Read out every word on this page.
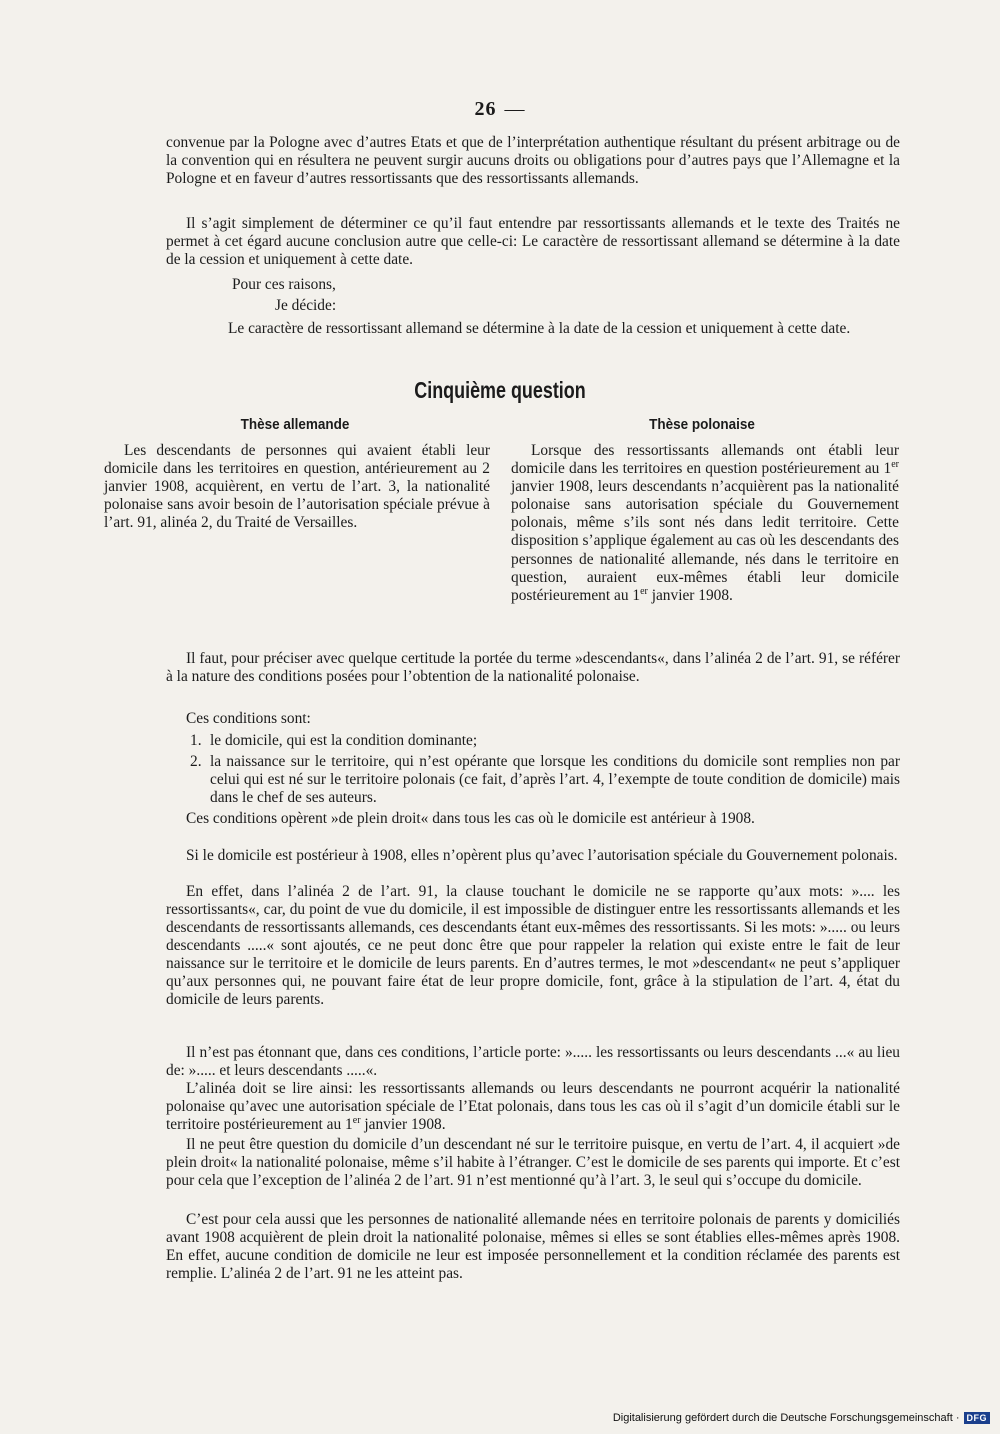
26 —

convenue par la Pologne avec d’autres Etats et que de l’interprétation authentique résultant du présent arbitrage ou de la convention qui en résultera ne peuvent surgir aucuns droits ou obligations pour d’autres pays que l’Allemagne et la Pologne et en faveur d’autres ressortissants que des ressortissants allemands.

Il s’agit simplement de déterminer ce qu’il faut entendre par ressortissants allemands et le texte des Traités ne permet à cet égard aucune conclusion autre que celle-ci: Le caractère de ressortissant allemand se détermine à la date de la cession et uniquement à cette date.

Pour ces raisons,

Je décide:

Le caractère de ressortissant allemand se détermine à la date de la cession et uniquement à cette date.

Cinquième question
Thèse allemande	Thèse polonaise

Les descendants de personnes qui avaient établi leur domicile dans les territoires en question, antérieurement au 2 janvier 1908, acquièrent, en vertu de l’art. 3, la nationalité polonaise sans avoir besoin de l’autorisation spéciale prévue à l’art. 91, alinéa 2, du Traité de Versailles.

Lorsque des ressortissants allemands ont établi leur domicile dans les territoires en question postérieurement au 1er janvier 1908, leurs descendants n’acquièrent pas la nationalité polonaise sans autorisation spéciale du Gouvernement polonais, même s’ils sont nés dans ledit territoire. Cette disposition s’applique également au cas où les descendants des personnes de nationalité allemande, nés dans le territoire en question, auraient eux-mêmes établi leur domicile postérieurement au 1er janvier 1908.

Il faut, pour préciser avec quelque certitude la portée du terme »descendants«, dans l’alinéa 2 de l’art. 91, se référer à la nature des conditions posées pour l’obtention de la nationalité polonaise.

Ces conditions sont:

1. le domicile, qui est la condition dominante;
2. la naissance sur le territoire, qui n’est opérante que lorsque les conditions du domicile sont remplies non par celui qui est né sur le territoire polonais (ce fait, d’après l’art. 4, l’exempte de toute condition de domicile) mais dans le chef de ses auteurs.

Ces conditions opèrent »de plein droit« dans tous les cas où le domicile est antérieur à 1908.

Si le domicile est postérieur à 1908, elles n’opèrent plus qu’avec l’autorisation spéciale du Gouvernement polonais.

En effet, dans l’alinéa 2 de l’art. 91, la clause touchant le domicile ne se rapporte qu’aux mots: ».... les ressortissants«, car, du point de vue du domicile, il est impossible de distinguer entre les ressortissants allemands et les descendants de ressortissants allemands, ces descendants étant eux-mêmes des ressortissants. Si les mots: »..... ou leurs descendants .....« sont ajoutés, ce ne peut donc être que pour rappeler la relation qui existe entre le fait de leur naissance sur le territoire et le domicile de leurs parents. En d’autres termes, le mot »descendant« ne peut s’appliquer qu’aux personnes qui, ne pouvant faire état de leur propre domicile, font, grâce à la stipulation de l’art. 4, état du domicile de leurs parents.

Il n’est pas étonnant que, dans ces conditions, l’article porte: »..... les ressortissants ou leurs descendants ...« au lieu de: »..... et leurs descendants .....«.

L’alinéa doit se lire ainsi: les ressortissants allemands ou leurs descendants ne pourront acquérir la nationalité polonaise qu’avec une autorisation spéciale de l’Etat polonais, dans tous les cas où il s’agit d’un domicile établi sur le territoire postérieurement au 1er janvier 1908.

Il ne peut être question du domicile d’un descendant né sur le territoire puisque, en vertu de l’art. 4, il acquiert »de plein droit« la nationalité polonaise, même s’il habite à l’étranger. C’est le domicile de ses parents qui importe. Et c’est pour cela que l’exception de l’alinéa 2 de l’art. 91 n’est mentionné qu’à l’art. 3, le seul qui s’occupe du domicile.

C’est pour cela aussi que les personnes de nationalité allemande nées en territoire polonais de parents y domiciliés avant 1908 acquièrent de plein droit la nationalité polonaise, mêmes si elles se sont établies elles-mêmes après 1908. En effet, aucune condition de domicile ne leur est imposée personnellement et la condition réclamée des parents est remplie. L’alinéa 2 de l’art. 91 ne les atteint pas.

Digitalisierung gefördert durch die Deutsche Forschungsgemeinschaft · DFG
